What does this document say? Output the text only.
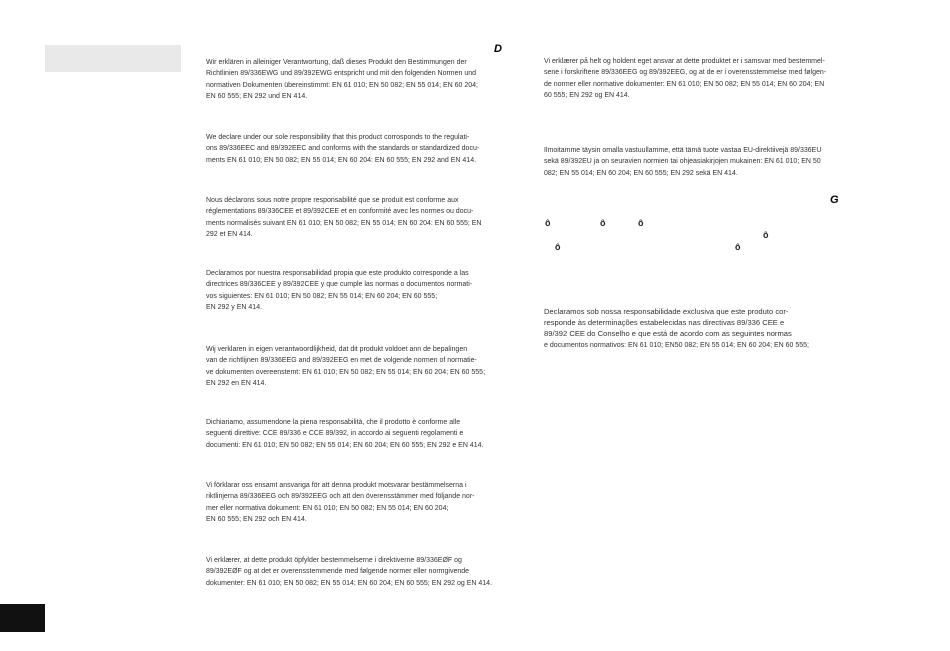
D
G
Wir erklären in alleiniger Verantwortung, daß dieses Produkt den Bestimmungen der
Richtlinien 89/336EWG und 89/392EWG entspricht und mit den folgenden Normen und
normativen Dokumenten übereinstimmt: EN 61 010; EN 50 082; EN 55 014; EN 60 204;
EN 60 555; EN 292 und EN 414.
We declare under our sole responsibility that this product corrosponds to the regulati-
ons 89/336EEC and 89/392EEC and conforms with the standards or standardized docu-
ments EN 61 010; EN 50 082; EN 55 014; EN 60 204: EN 60 555; EN 292 and EN 414.
Nous déclarons sous notre propre responsabilité que se produit est conforme aux
réglementations 89/336CEE et 89/392CEE et en conformité avec les normes ou docu-
ments normalisés suivant EN 61 010; EN 50 082; EN 55 014; EN 60 204: EN 60 555; EN
292 et EN 414.
Declaramos por nuestra responsabilidad propia que este produkto corresponde a las
directrices 89/336CEE y 89/392CEE y que cumple las normas o documentos normati-
vos siguientes: EN 61 010; EN 50 082; EN 55 014; EN 60 204; EN 60 555;
EN 292 y EN 414.
Wij verklaren in eigen verantwoordlijkheid, dat dit produkt voldoet ann de bepalingen
van de richtlijnen 89/336EEG and 89/392EEG en met de volgende normen of normatie-
ve dokumenten overeenstemt: EN 61 010; EN 50 082; EN 55 014; EN 60 204; EN 60 555;
EN 292 en EN 414.
Dichiariamo, assumendone la piena responsabilità, che il prodotto è conforme alle
seguenti direttive: CCE 89/336 e CCE 89/392, in accordo ai seguenti regolamenti e
documenti: EN 61 010; EN 50 082; EN 55 014; EN 60 204; EN 60 555; EN 292 e EN 414.
Vi förklarar oss ensamt ansvariga för att denna produkt motsvarar bestämmelserna i
riktlinjerna 89/336EEG och 89/392EEG och att den överensstämmer med följande nor-
mer eller normativa dokument: EN 61 010; EN 50 082; EN 55 014; EN 60 204;
EN 60 555; EN 292 och EN 414.
Vi erklærer, at dette produkt öpfylder bestemmelserne i direktiverne 89/336EØF og
89/392EØF og at det er overensstemmende med følgende normer eller normgivende
dokumenter: EN 61 010; EN 50 082; EN 55 014; EN 60 204; EN 60 555; EN 292 og EN 414.
Vi erklærer på helt og holdent eget ansvar at dette produktet er i samsvar med bestemmel-
sene i forskriftene 89/336EEG og 89/392EEG, og at de er i overensstemmelse med følgen-
de normer eller normative dokumenter: EN 61 010; EN 50 082; EN 55 014; EN 60 204; EN
60 555; EN 292 og EN 414.
Ilmoitamme täysin omalla vastuullamme, että tämä tuote vastaa EU-direktiivejä 89/336EU
sekä 89/392EU ja on seuravien normien tai ohjeasiakirjojen mukainen: EN 61 010; EN 50
082; EN 55 014; EN 60 204; EN 60 555; EN 292 sekä EN 414.
ô	ô	ô
ô
ô	ô
Declaramos sob nossa responsabilidade exclusiva que este produto cor-
responde às determinações estabelecidas nas directivas 89/336 CEE e
89/392 CEE do Conselho e que está de acordo com as seguintes normas
e documentos normativos: EN 61 010; EN50 082; EN 55 014; EN 60 204; EN 60 555;
